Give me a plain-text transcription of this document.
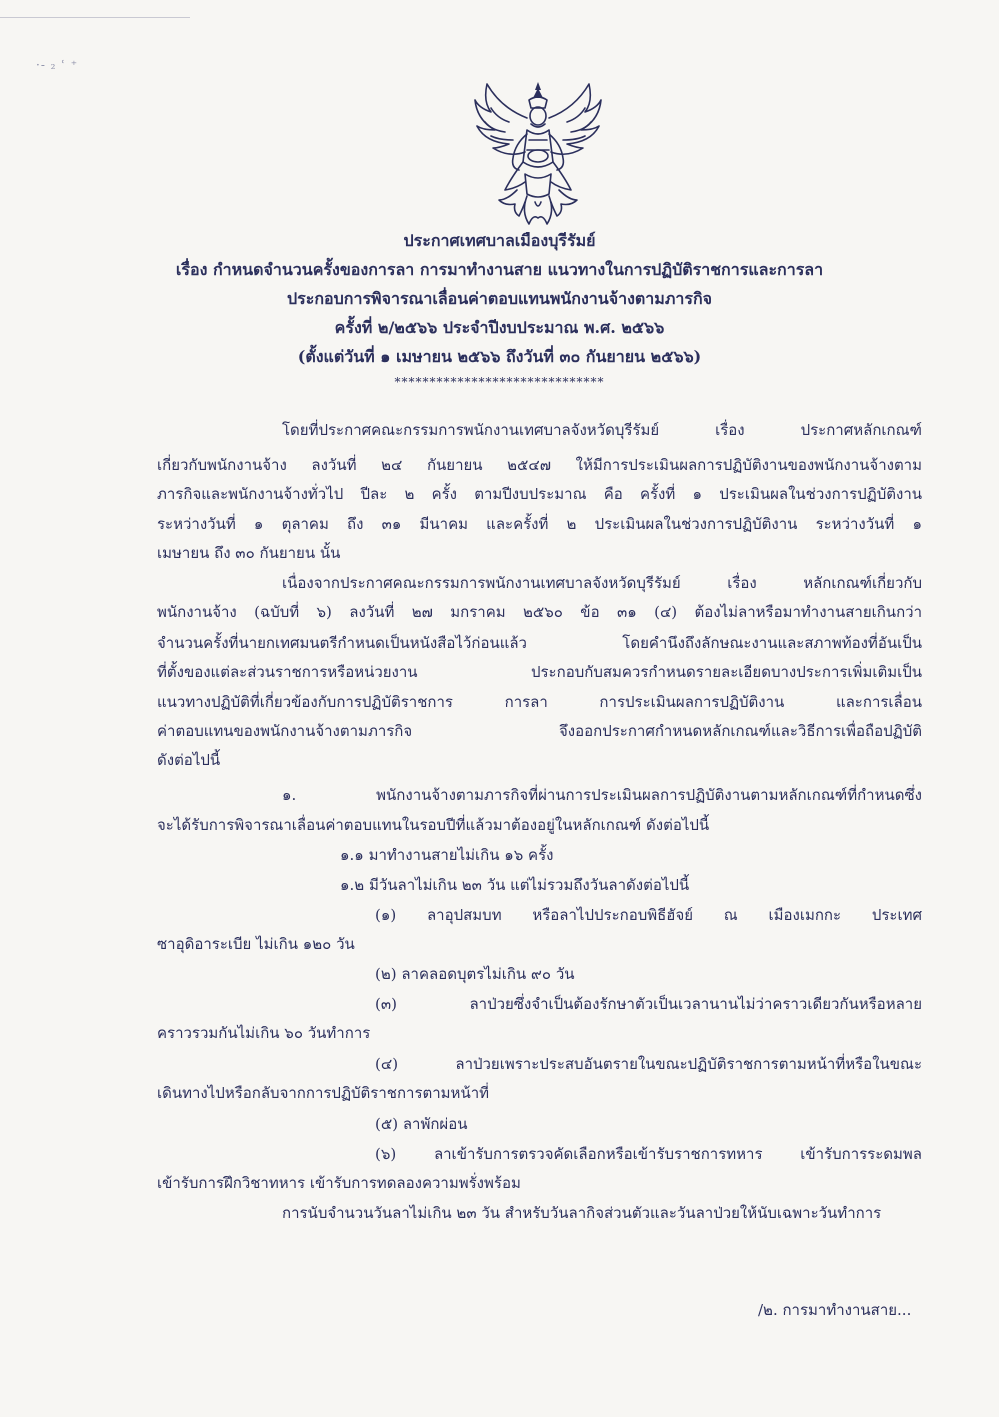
·- ₂ ʿ ⁺
ประกาศเทศบาลเมืองบุรีรัมย์
เรื่อง กำหนดจำนวนครั้งของการลา การมาทำงานสาย แนวทางในการปฏิบัติราชการและการลา
ประกอบการพิจารณาเลื่อนค่าตอบแทนพนักงานจ้างตามภารกิจ
ครั้งที่ ๒/๒๕๖๖ ประจำปีงบประมาณ พ.ศ. ๒๕๖๖
(ตั้งแต่วันที่ ๑ เมษายน ๒๕๖๖ ถึงวันที่ ๓๐ กันยายน ๒๕๖๖)
******************************
โดยที่ประกาศคณะกรรมการพนักงานเทศบาลจังหวัดบุรีรัมย์ เรื่อง ประกาศหลักเกณฑ์
เกี่ยวกับพนักงานจ้าง ลงวันที่ ๒๔ กันยายน ๒๕๔๗ ให้มีการประเมินผลการปฏิบัติงานของพนักงานจ้างตาม
ภารกิจและพนักงานจ้างทั่วไป ปีละ ๒ ครั้ง ตามปีงบประมาณ คือ ครั้งที่ ๑ ประเมินผลในช่วงการปฏิบัติงาน
ระหว่างวันที่ ๑ ตุลาคม ถึง ๓๑ มีนาคม และครั้งที่ ๒ ประเมินผลในช่วงการปฏิบัติงาน ระหว่างวันที่ ๑
เมษายน ถึง ๓๐ กันยายน นั้น
เนื่องจากประกาศคณะกรรมการพนักงานเทศบาลจังหวัดบุรีรัมย์ เรื่อง หลักเกณฑ์เกี่ยวกับ
พนักงานจ้าง (ฉบับที่ ๖) ลงวันที่ ๒๗ มกราคม ๒๕๖๐ ข้อ ๓๑ (๔) ต้องไม่ลาหรือมาทำงานสายเกินกว่า
จำนวนครั้งที่นายกเทศมนตรีกำหนดเป็นหนังสือไว้ก่อนแล้ว โดยคำนึงถึงลักษณะงานและสภาพท้องที่อันเป็น
ที่ตั้งของแต่ละส่วนราชการหรือหน่วยงาน ประกอบกับสมควรกำหนดรายละเอียดบางประการเพิ่มเติมเป็น
แนวทางปฏิบัติที่เกี่ยวข้องกับการปฏิบัติราชการ การลา การประเมินผลการปฏิบัติงาน และการเลื่อน
ค่าตอบแทนของพนักงานจ้างตามภารกิจ จึงออกประกาศกำหนดหลักเกณฑ์และวิธีการเพื่อถือปฏิบัติ
ดังต่อไปนี้
๑. พนักงานจ้างตามภารกิจที่ผ่านการประเมินผลการปฏิบัติงานตามหลักเกณฑ์ที่กำหนดซึ่ง
จะได้รับการพิจารณาเลื่อนค่าตอบแทนในรอบปีที่แล้วมาต้องอยู่ในหลักเกณฑ์ ดังต่อไปนี้
๑.๑ มาทำงานสายไม่เกิน ๑๖ ครั้ง
๑.๒ มีวันลาไม่เกิน ๒๓ วัน แต่ไม่รวมถึงวันลาดังต่อไปนี้
(๑) ลาอุปสมบท หรือลาไปประกอบพิธีฮัจย์ ณ เมืองเมกกะ ประเทศ
ซาอุดิอาระเบีย ไม่เกิน ๑๒๐ วัน
(๒) ลาคลอดบุตรไม่เกิน ๙๐ วัน
(๓) ลาป่วยซึ่งจำเป็นต้องรักษาตัวเป็นเวลานานไม่ว่าคราวเดียวกันหรือหลาย
คราวรวมกันไม่เกิน ๖๐ วันทำการ
(๔) ลาป่วยเพราะประสบอันตรายในขณะปฏิบัติราชการตามหน้าที่หรือในขณะ
เดินทางไปหรือกลับจากการปฏิบัติราชการตามหน้าที่
(๕) ลาพักผ่อน
(๖) ลาเข้ารับการตรวจคัดเลือกหรือเข้ารับราชการทหาร เข้ารับการระดมพล
เข้ารับการฝึกวิชาทหาร เข้ารับการทดลองความพรั่งพร้อม
การนับจำนวนวันลาไม่เกิน ๒๓ วัน สำหรับวันลากิจส่วนตัวและวันลาป่วยให้นับเฉพาะวันทำการ
/๒. การมาทำงานสาย...
